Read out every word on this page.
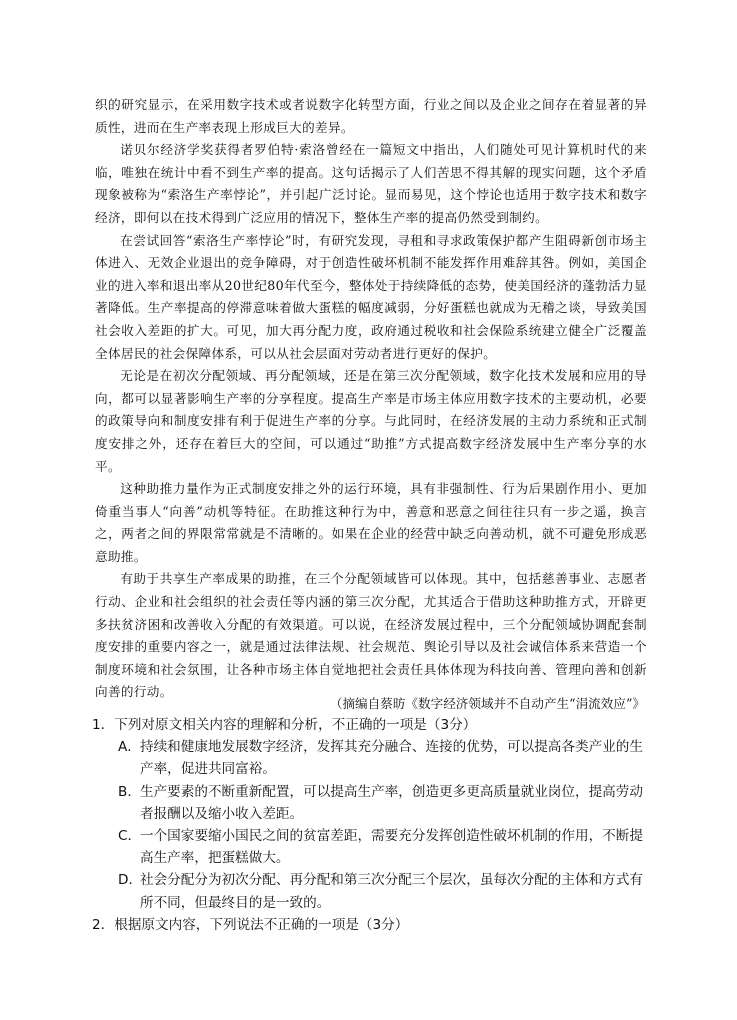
织的研究显示，在采用数字技术或者说数字化转型方面，行业之间以及企业之间存在着显著的异质性，进而在生产率表现上形成巨大的差异。

诺贝尔经济学奖获得者罗伯特·索洛曾经在一篇短文中指出，人们随处可见计算机时代的来临，唯独在统计中看不到生产率的提高。这句话揭示了人们苦思不得其解的现实问题，这个矛盾现象被称为“索洛生产率悖论”，并引起广泛讨论。显而易见，这个悖论也适用于数字技术和数字经济，即何以在技术得到广泛应用的情况下，整体生产率的提高仍然受到制约。

在尝试回答“索洛生产率悖论”时，有研究发现，寻租和寻求政策保护都产生阻碍新创市场主体进入、无效企业退出的竞争障碍，对于创造性破坏机制不能发挥作用难辞其咎。例如，美国企业的进入率和退出率从20世纪80年代至今，整体处于持续降低的态势，使美国经济的蓬勃活力显著降低。生产率提高的停滞意味着做大蛋糕的幅度减弱，分好蛋糕也就成为无稽之谈，导致美国社会收入差距的扩大。可见，加大再分配力度，政府通过税收和社会保险系统建立健全广泛覆盖全体居民的社会保障体系，可以从社会层面对劳动者进行更好的保护。

无论是在初次分配领域、再分配领域，还是在第三次分配领域，数字化技术发展和应用的导向，都可以显著影响生产率的分享程度。提高生产率是市场主体应用数字技术的主要动机，必要的政策导向和制度安排有利于促进生产率的分享。与此同时，在经济发展的主动力系统和正式制度安排之外，还存在着巨大的空间，可以通过“助推”方式提高数字经济发展中生产率分享的水平。

这种助推力量作为正式制度安排之外的运行环境，具有非强制性、行为后果剧作用小、更加倚重当事人“向善”动机等特征。在助推这种行为中，善意和恶意之间往往只有一步之遥，换言之，两者之间的界限常常就是不清晰的。如果在企业的经营中缺乏向善动机，就不可避免形成恶意助推。

有助于共享生产率成果的助推，在三个分配领域皆可以体现。其中，包括慈善事业、志愿者行动、企业和社会组织的社会责任等内涵的第三次分配，尤其适合于借助这种助推方式，开辟更多扶贫济困和改善收入分配的有效渠道。可以说，在经济发展过程中，三个分配领域协调配套制度安排的重要内容之一，就是通过法律法规、社会规范、舆论引导以及社会诚信体系来营造一个制度环境和社会氛围，让各种市场主体自觉地把社会责任具体体现为科技向善、管理向善和创新向善的行动。

（摘编自蔡昉《数字经济领域并不自动产生“涓流效应”》

1．下列对原文相关内容的理解和分析，不正确的一项是（3分）

A． 持续和健康地发展数字经济，发挥其充分融合、连接的优势，可以提高各类产业的生产率，促进共同富裕。
B． 生产要素的不断重新配置，可以提高生产率，创造更多更高质量就业岗位，提高劳动者报酬以及缩小收入差距。
C．
一个国家要缩小国民之间的贫富差距，需要充分发挥创造性破坏机制的作用，不断提高生产率，把蛋糕做大。
D．
社会分配分为初次分配、再分配和第三次分配三个层次，虽每次分配的主体和方式有所不同，但最终目的是一致的。

2．根据原文内容，下列说法不正确的一项是（3分）
